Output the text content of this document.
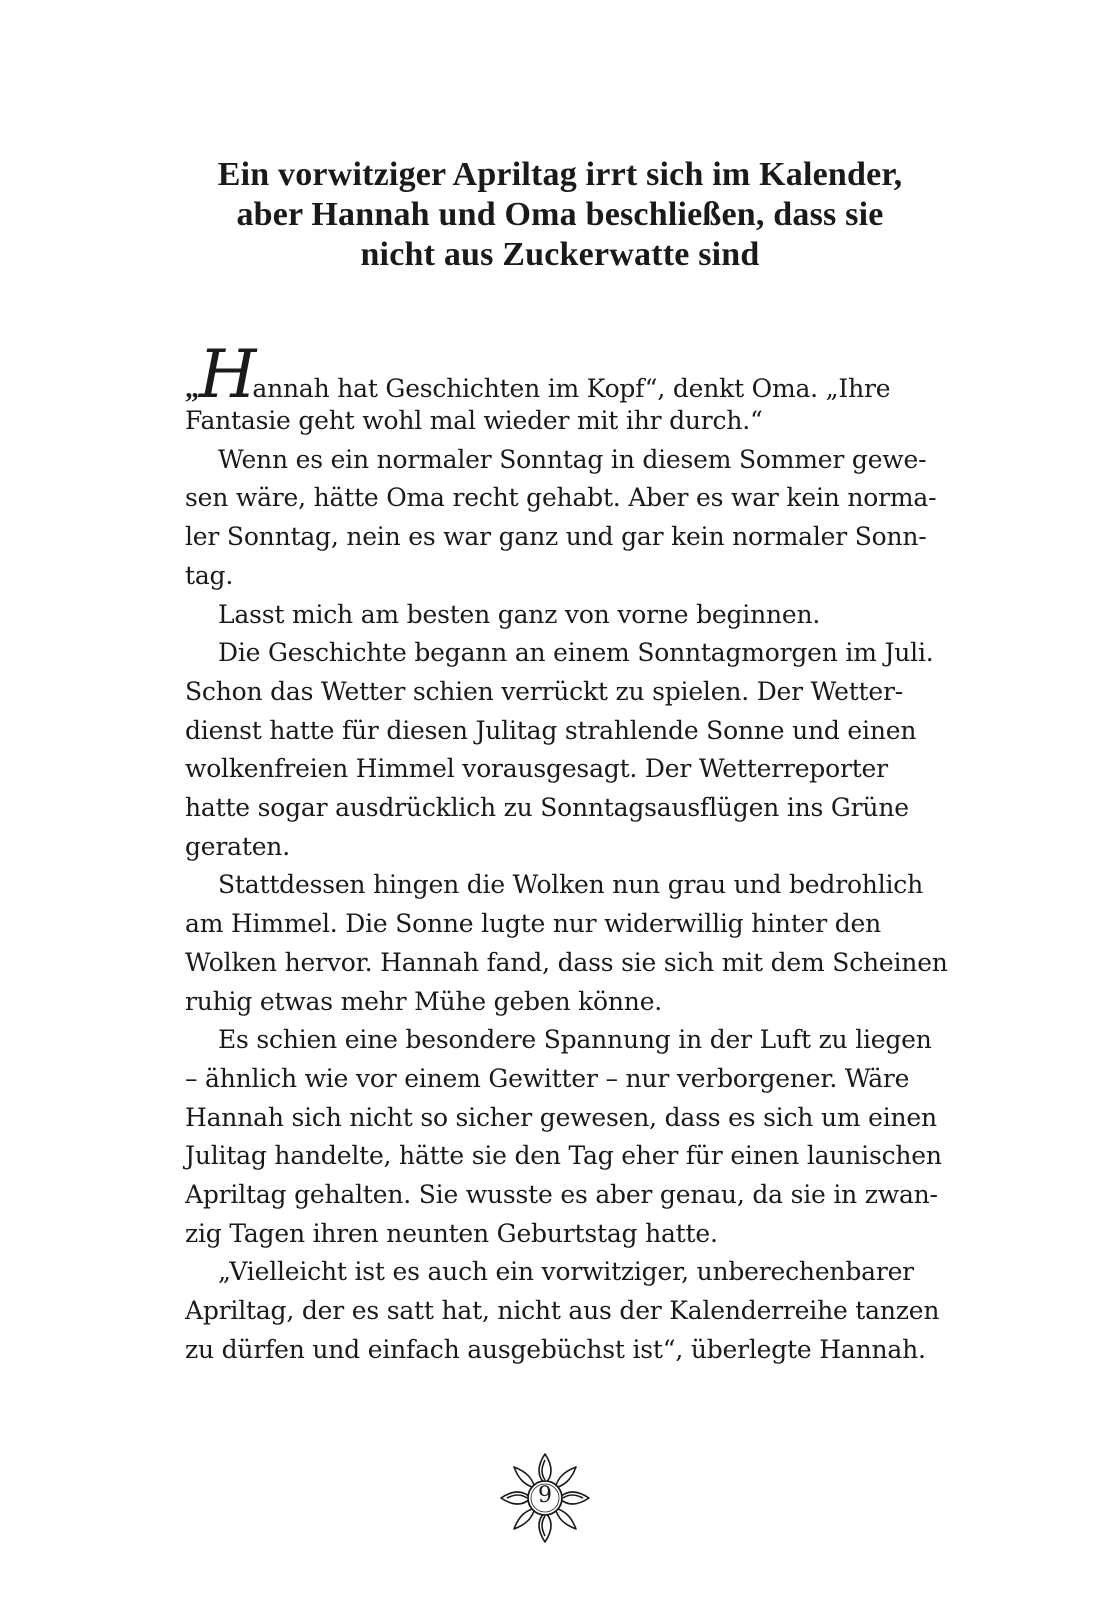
Ein vorwitziger Apriltag irrt sich im Kalender,
aber Hannah und Oma beschließen, dass sie
nicht aus Zuckerwatte sind
„Hannah hat Geschichten im Kopf“, denkt Oma. „Ihre
Fantasie geht wohl mal wieder mit ihr durch.“
Wenn es ein normaler Sonntag in diesem Sommer gewe-
sen wäre, hätte Oma recht gehabt. Aber es war kein norma-
ler Sonntag, nein es war ganz und gar kein normaler Sonn-
tag.
Lasst mich am besten ganz von vorne beginnen.
Die Geschichte begann an einem Sonntagmorgen im Juli.
Schon das Wetter schien verrückt zu spielen. Der Wetter-
dienst hatte für diesen Julitag strahlende Sonne und einen
wolkenfreien Himmel vorausgesagt. Der Wetterreporter
hatte sogar ausdrücklich zu Sonntagsausflügen ins Grüne
geraten.
Stattdessen hingen die Wolken nun grau und bedrohlich
am Himmel. Die Sonne lugte nur widerwillig hinter den
Wolken hervor. Hannah fand, dass sie sich mit dem Scheinen
ruhig etwas mehr Mühe geben könne.
Es schien eine besondere Spannung in der Luft zu liegen
– ähnlich wie vor einem Gewitter – nur verborgener. Wäre
Hannah sich nicht so sicher gewesen, dass es sich um einen
Julitag handelte, hätte sie den Tag eher für einen launischen
Apriltag gehalten. Sie wusste es aber genau, da sie in zwan-
zig Tagen ihren neunten Geburtstag hatte.
„Vielleicht ist es auch ein vorwitziger, unberechenbarer
Apriltag, der es satt hat, nicht aus der Kalenderreihe tanzen
zu dürfen und einfach ausgebüchst ist“, überlegte Hannah.
9
